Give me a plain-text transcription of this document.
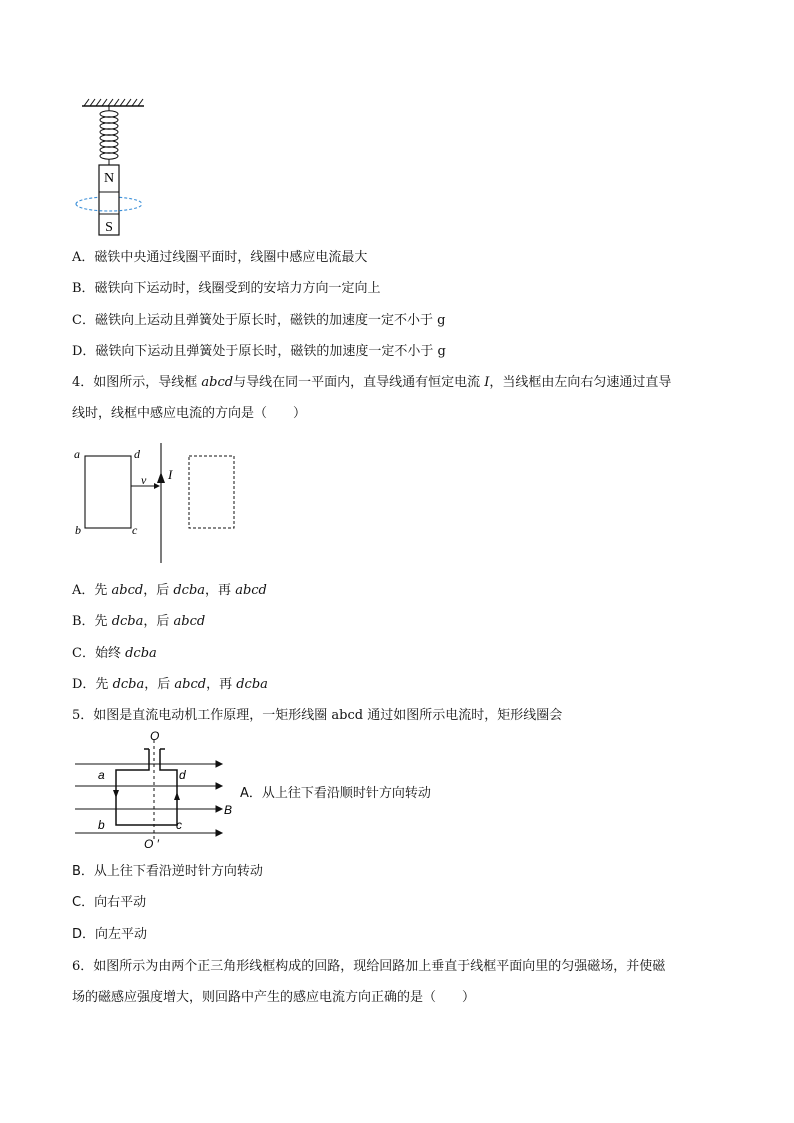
N
S
A．磁铁中央通过线圈平面时，线圈中感应电流最大
B．磁铁向下运动时，线圈受到的安培力方向一定向上
C．磁铁向上运动且弹簧处于原长时，磁铁的加速度一定不小于 g
D．磁铁向下运动且弹簧处于原长时，磁铁的加速度一定不小于 g
4．如图所示，导线框 abcd与导线在同一平面内，直导线通有恒定电流 I，当线框由左向右匀速通过直导
线时，线框中感应电流的方向是（　　）
a	d
b	c
v I
A．先 abcd，后 dcba，再 abcd
B．先 dcba，后 abcd
C．始终 dcba
D．先 dcba，后 abcd，再 dcba
5．如图是直流电动机工作原理，一矩形线圈 abcd 通过如图所示电流时，矩形线圈会
O
O ′
a	d
b	c
B
A．从上往下看沿顺时针方向转动
B．从上往下看沿逆时针方向转动
C．向右平动
D．向左平动
6．如图所示为由两个正三角形线框构成的回路，现给回路加上垂直于线框平面向里的匀强磁场，并使磁
场的磁感应强度增大，则回路中产生的感应电流方向正确的是（　　）
